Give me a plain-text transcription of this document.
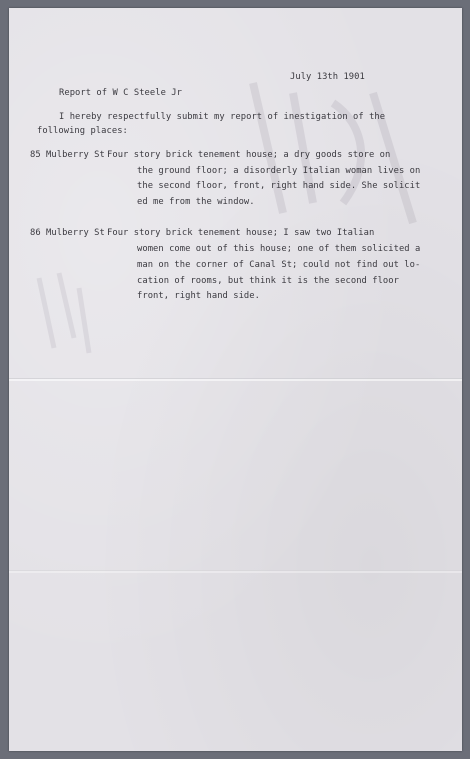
July 13th 1901

Report of W C Steele Jr

I hereby respectfully submit my report of inestigation of the

following places:

85 Mulberry St Four story brick tenement house; a dry goods store on

the ground floor; a disorderly Italian woman lives on

the second floor, front, right hand side. She solicit

ed me from the window.

86 Mulberry St Four story brick tenement house; I saw two Italian

women come out of this house; one of them solicited a

man on the corner of Canal St; could not find out lo-

cation of rooms, but think it is the second floor

front, right hand side.
